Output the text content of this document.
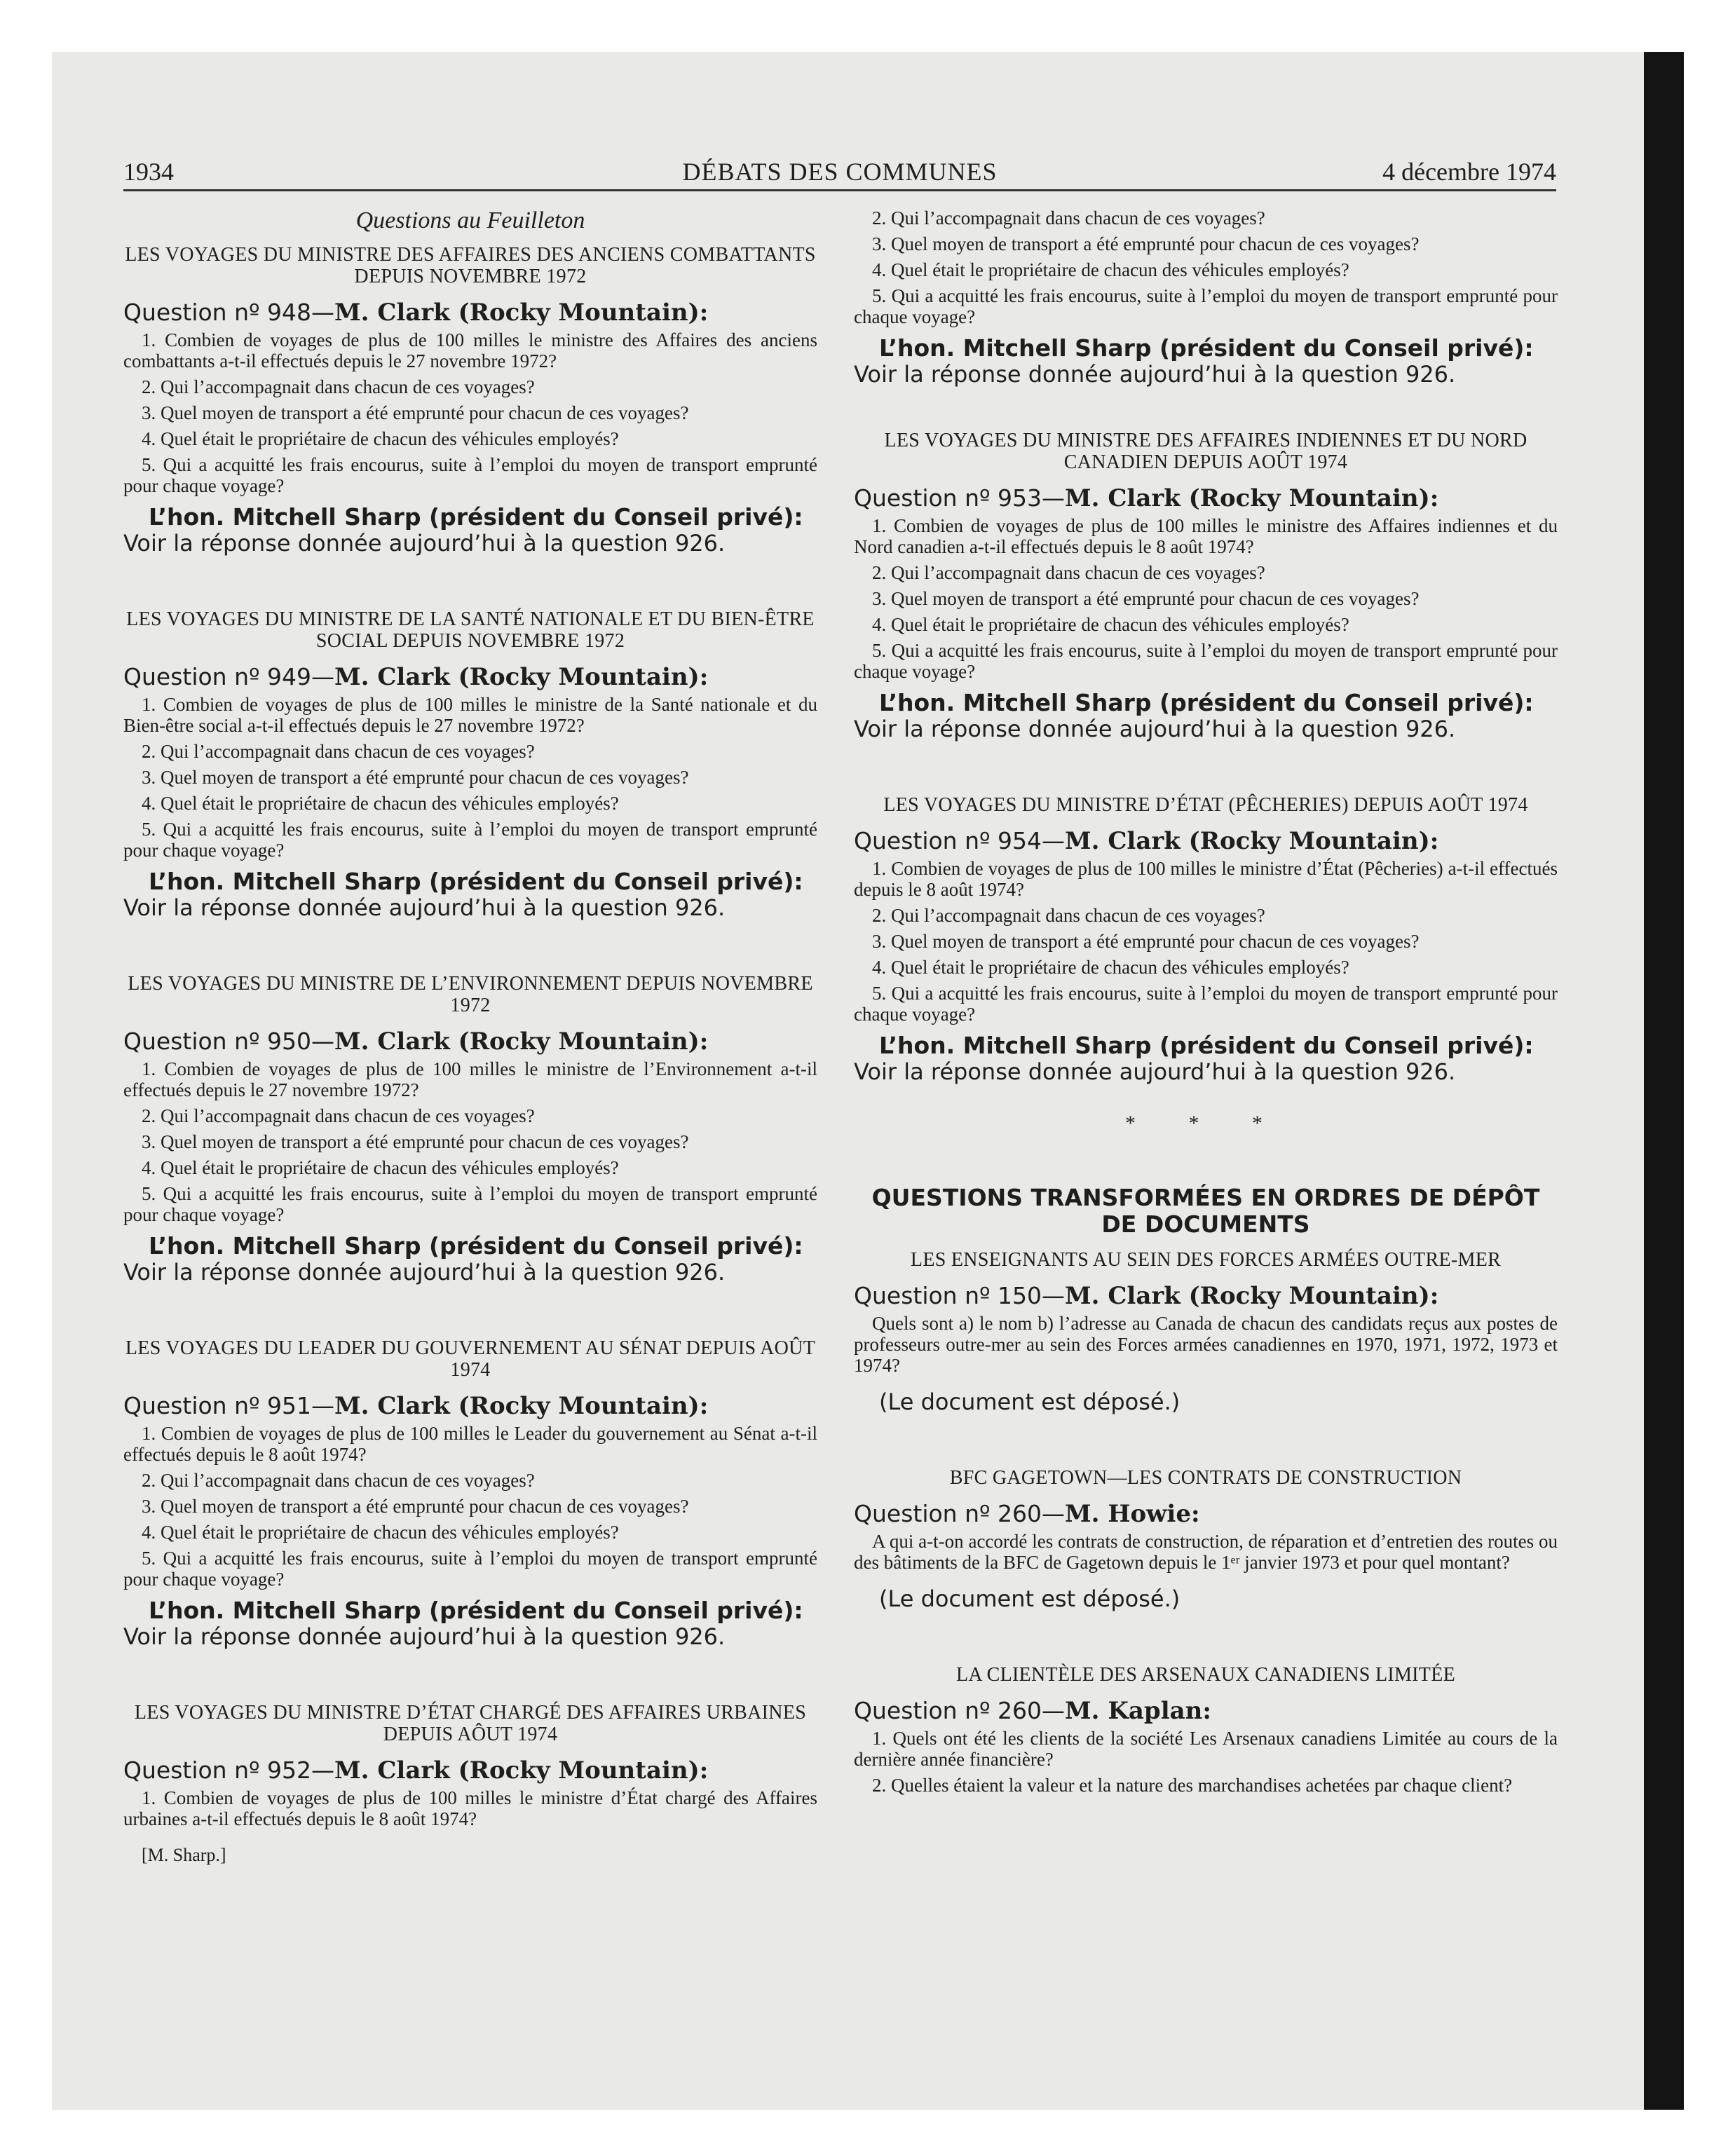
1934	DÉBATS DES COMMUNES	4 décembre 1974
Questions au Feuilleton
LES VOYAGES DU MINISTRE DES AFFAIRES DES ANCIENS COMBATTANTS DEPUIS NOVEMBRE 1972
Question nº 948—M. Clark (Rocky Mountain):
1. Combien de voyages de plus de 100 milles le ministre des Affaires des anciens combattants a-t-il effectués depuis le 27 novembre 1972?
2. Qui l’accompagnait dans chacun de ces voyages?
3. Quel moyen de transport a été emprunté pour chacun de ces voyages?
4. Quel était le propriétaire de chacun des véhicules employés?
5. Qui a acquitté les frais encourus, suite à l’emploi du moyen de transport emprunté pour chaque voyage?
L’hon. Mitchell Sharp (président du Conseil privé):
Voir la réponse donnée aujourd’hui à la question 926.
LES VOYAGES DU MINISTRE DE LA SANTÉ NATIONALE ET DU BIEN-ÊTRE SOCIAL DEPUIS NOVEMBRE 1972
Question nº 949—M. Clark (Rocky Mountain):
1. Combien de voyages de plus de 100 milles le ministre de la Santé nationale et du Bien-être social a-t-il effectués depuis le 27 novembre 1972?
2. Qui l’accompagnait dans chacun de ces voyages?
3. Quel moyen de transport a été emprunté pour chacun de ces voyages?
4. Quel était le propriétaire de chacun des véhicules employés?
5. Qui a acquitté les frais encourus, suite à l’emploi du moyen de transport emprunté pour chaque voyage?
L’hon. Mitchell Sharp (président du Conseil privé):
Voir la réponse donnée aujourd’hui à la question 926.
LES VOYAGES DU MINISTRE DE L’ENVIRONNEMENT DEPUIS NOVEMBRE 1972
Question nº 950—M. Clark (Rocky Mountain):
1. Combien de voyages de plus de 100 milles le ministre de l’Environnement a-t-il effectués depuis le 27 novembre 1972?
2. Qui l’accompagnait dans chacun de ces voyages?
3. Quel moyen de transport a été emprunté pour chacun de ces voyages?
4. Quel était le propriétaire de chacun des véhicules employés?
5. Qui a acquitté les frais encourus, suite à l’emploi du moyen de transport emprunté pour chaque voyage?
L’hon. Mitchell Sharp (président du Conseil privé):
Voir la réponse donnée aujourd’hui à la question 926.
LES VOYAGES DU LEADER DU GOUVERNEMENT AU SÉNAT DEPUIS AOÛT 1974
Question nº 951—M. Clark (Rocky Mountain):
1. Combien de voyages de plus de 100 milles le Leader du gouvernement au Sénat a-t-il effectués depuis le 8 août 1974?
2. Qui l’accompagnait dans chacun de ces voyages?
3. Quel moyen de transport a été emprunté pour chacun de ces voyages?
4. Quel était le propriétaire de chacun des véhicules employés?
5. Qui a acquitté les frais encourus, suite à l’emploi du moyen de transport emprunté pour chaque voyage?
L’hon. Mitchell Sharp (président du Conseil privé):
Voir la réponse donnée aujourd’hui à la question 926.
LES VOYAGES DU MINISTRE D’ÉTAT CHARGÉ DES AFFAIRES URBAINES DEPUIS AÔUT 1974
Question nº 952—M. Clark (Rocky Mountain):
1. Combien de voyages de plus de 100 milles le ministre d’État chargé des Affaires urbaines a-t-il effectués depuis le 8 août 1974?
[M. Sharp.]
2. Qui l’accompagnait dans chacun de ces voyages?
3. Quel moyen de transport a été emprunté pour chacun de ces voyages?
4. Quel était le propriétaire de chacun des véhicules employés?
5. Qui a acquitté les frais encourus, suite à l’emploi du moyen de transport emprunté pour chaque voyage?
L’hon. Mitchell Sharp (président du Conseil privé):
Voir la réponse donnée aujourd’hui à la question 926.
LES VOYAGES DU MINISTRE DES AFFAIRES INDIENNES ET DU NORD CANADIEN DEPUIS AOÛT 1974
Question nº 953—M. Clark (Rocky Mountain):
1. Combien de voyages de plus de 100 milles le ministre des Affaires indiennes et du Nord canadien a-t-il effectués depuis le 8 août 1974?
2. Qui l’accompagnait dans chacun de ces voyages?
3. Quel moyen de transport a été emprunté pour chacun de ces voyages?
4. Quel était le propriétaire de chacun des véhicules employés?
5. Qui a acquitté les frais encourus, suite à l’emploi du moyen de transport emprunté pour chaque voyage?
L’hon. Mitchell Sharp (président du Conseil privé):
Voir la réponse donnée aujourd’hui à la question 926.
LES VOYAGES DU MINISTRE D’ÉTAT (PÊCHERIES) DEPUIS AOÛT 1974
Question nº 954—M. Clark (Rocky Mountain):
1. Combien de voyages de plus de 100 milles le ministre d’État (Pêcheries) a-t-il effectués depuis le 8 août 1974?
2. Qui l’accompagnait dans chacun de ces voyages?
3. Quel moyen de transport a été emprunté pour chacun de ces voyages?
4. Quel était le propriétaire de chacun des véhicules employés?
5. Qui a acquitté les frais encourus, suite à l’emploi du moyen de transport emprunté pour chaque voyage?
L’hon. Mitchell Sharp (président du Conseil privé):
Voir la réponse donnée aujourd’hui à la question 926.
* * *
QUESTIONS TRANSFORMÉES EN ORDRES DE DÉPÔT DE DOCUMENTS
LES ENSEIGNANTS AU SEIN DES FORCES ARMÉES OUTRE-MER
Question nº 150—M. Clark (Rocky Mountain):
Quels sont a) le nom b) l’adresse au Canada de chacun des candidats reçus aux postes de professeurs outre-mer au sein des Forces armées canadiennes en 1970, 1971, 1972, 1973 et 1974?
(Le document est déposé.)
BFC GAGETOWN—LES CONTRATS DE CONSTRUCTION
Question nº 260—M. Howie:
A qui a-t-on accordé les contrats de construction, de réparation et d’entretien des routes ou des bâtiments de la BFC de Gagetown depuis le 1ᵉʳ janvier 1973 et pour quel montant?
(Le document est déposé.)
LA CLIENTÈLE DES ARSENAUX CANADIENS LIMITÉE
Question nº 260—M. Kaplan:
1. Quels ont été les clients de la société Les Arsenaux canadiens Limitée au cours de la dernière année financière?
2. Quelles étaient la valeur et la nature des marchandises achetées par chaque client?
